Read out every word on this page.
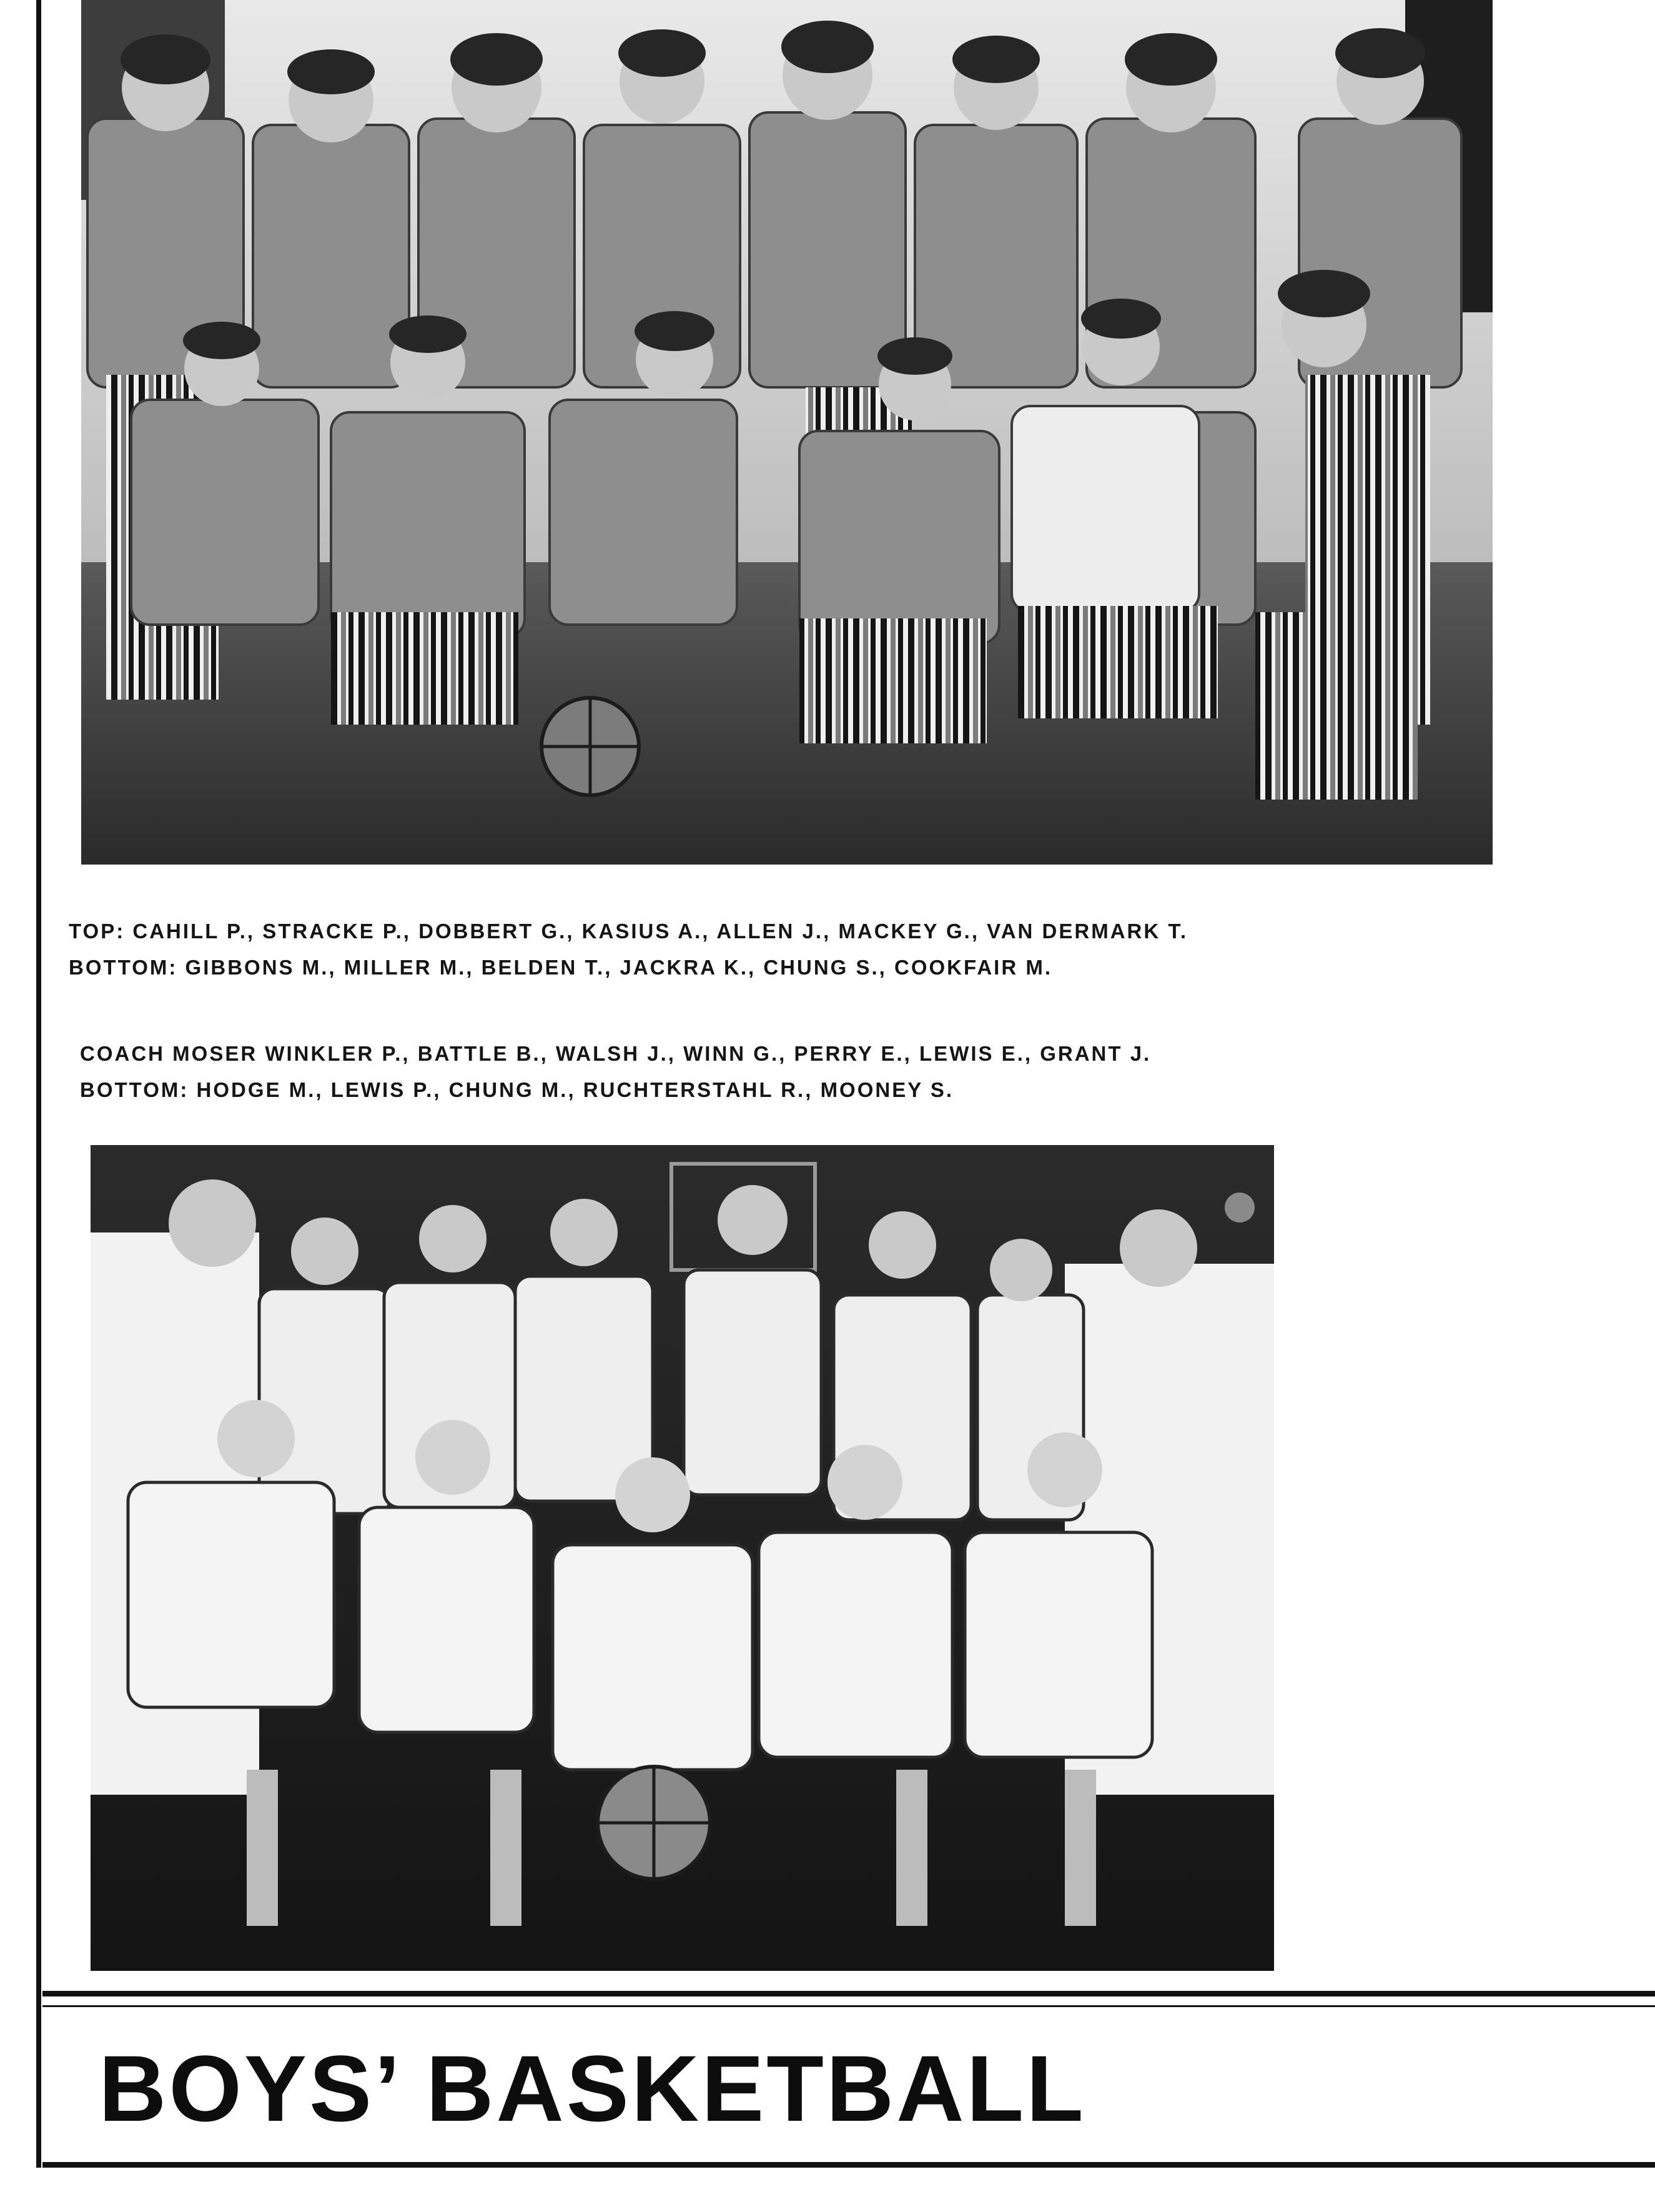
TOP: CAHILL P., STRACKE P., DOBBERT G., KASIUS A., ALLEN J., MACKEY G., VAN DERMARK T.
BOTTOM: GIBBONS M., MILLER M., BELDEN T., JACKRA K., CHUNG S., COOKFAIR M.
COACH MOSER WINKLER P., BATTLE B., WALSH J., WINN G., PERRY E., LEWIS E., GRANT J.
BOTTOM: HODGE M., LEWIS P., CHUNG M., RUCHTERSTAHL R., MOONEY S.
BOYS’ BASKETBALL
